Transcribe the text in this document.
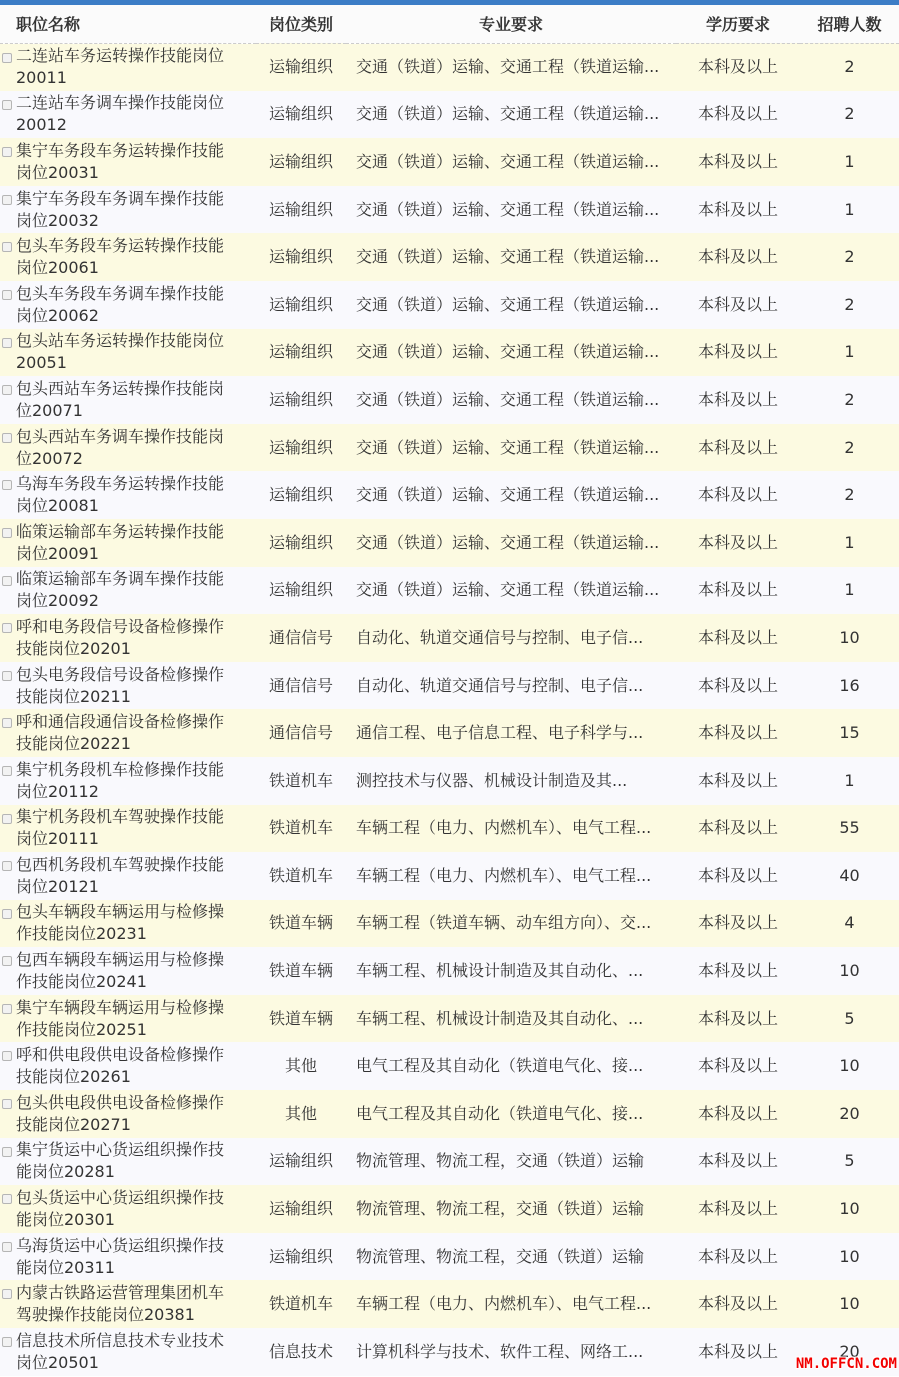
职位名称	岗位类别	专业要求	学历要求	招聘人数

二连站车务运转操作技能岗位20011	运输组织	交通（铁道）运输、交通工程（铁道运输...	本科及以上	2

二连站车务调车操作技能岗位20012	运输组织	交通（铁道）运输、交通工程（铁道运输...	本科及以上	2

集宁车务段车务运转操作技能岗位20031	运输组织	交通（铁道）运输、交通工程（铁道运输...	本科及以上	1

集宁车务段车务调车操作技能岗位20032	运输组织	交通（铁道）运输、交通工程（铁道运输...	本科及以上	1

包头车务段车务运转操作技能岗位20061	运输组织	交通（铁道）运输、交通工程（铁道运输...	本科及以上	2

包头车务段车务调车操作技能岗位20062	运输组织	交通（铁道）运输、交通工程（铁道运输...	本科及以上	2

包头站车务运转操作技能岗位20051	运输组织	交通（铁道）运输、交通工程（铁道运输...	本科及以上	1

包头西站车务运转操作技能岗位20071	运输组织	交通（铁道）运输、交通工程（铁道运输...	本科及以上	2

包头西站车务调车操作技能岗位20072	运输组织	交通（铁道）运输、交通工程（铁道运输...	本科及以上	2

乌海车务段车务运转操作技能岗位20081	运输组织	交通（铁道）运输、交通工程（铁道运输...	本科及以上	2

临策运输部车务运转操作技能岗位20091	运输组织	交通（铁道）运输、交通工程（铁道运输...	本科及以上	1

临策运输部车务调车操作技能岗位20092	运输组织	交通（铁道）运输、交通工程（铁道运输...	本科及以上	1

呼和电务段信号设备检修操作技能岗位20201	通信信号	自动化、轨道交通信号与控制、电子信...	本科及以上	10

包头电务段信号设备检修操作技能岗位20211	通信信号	自动化、轨道交通信号与控制、电子信...	本科及以上	16

呼和通信段通信设备检修操作技能岗位20221	通信信号	通信工程、电子信息工程、电子科学与...	本科及以上	15

集宁机务段机车检修操作技能岗位20112	铁道机车	测控技术与仪器、机械设计制造及其...	本科及以上	1

集宁机务段机车驾驶操作技能岗位20111	铁道机车	车辆工程（电力、内燃机车）、电气工程...	本科及以上	55

包西机务段机车驾驶操作技能岗位20121	铁道机车	车辆工程（电力、内燃机车）、电气工程...	本科及以上	40

包头车辆段车辆运用与检修操作技能岗位20231	铁道车辆	车辆工程（铁道车辆、动车组方向）、交...	本科及以上	4

包西车辆段车辆运用与检修操作技能岗位20241	铁道车辆	车辆工程、机械设计制造及其自动化、...	本科及以上	10

集宁车辆段车辆运用与检修操作技能岗位20251	铁道车辆	车辆工程、机械设计制造及其自动化、...	本科及以上	5

呼和供电段供电设备检修操作技能岗位20261	其他	电气工程及其自动化（铁道电气化、接...	本科及以上	10

包头供电段供电设备检修操作技能岗位20271	其他	电气工程及其自动化（铁道电气化、接...	本科及以上	20

集宁货运中心货运组织操作技能岗位20281	运输组织	物流管理、物流工程，交通（铁道）运输	本科及以上	5

包头货运中心货运组织操作技能岗位20301	运输组织	物流管理、物流工程，交通（铁道）运输	本科及以上	10

乌海货运中心货运组织操作技能岗位20311	运输组织	物流管理、物流工程，交通（铁道）运输	本科及以上	10

内蒙古铁路运营管理集团机车驾驶操作技能岗位20381	铁道机车	车辆工程（电力、内燃机车）、电气工程...	本科及以上	10

信息技术所信息技术专业技术岗位20501	信息技术	计算机科学与技术、软件工程、网络工...	本科及以上	20
NM.OFFCN.COM
